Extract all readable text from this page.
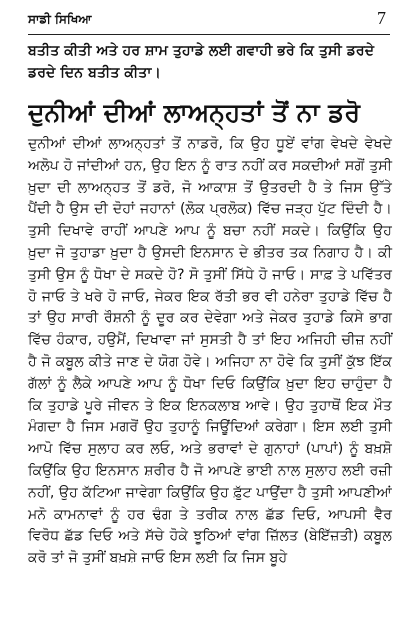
ਸਾਡੀ ਸਿਖਿਆ	7

ਬਤੀਤ ਕੀਤੀ ਅਤੇ ਹਰ ਸ਼ਾਮ ਤੁਹਾਡੇ ਲਈ ਗਵਾਹੀ ਭਰੇ ਕਿ ਤੁਸੀ ਡਰਦੇ ਡਰਦੇ ਦਿਨ ਬਤੀਤ ਕੀਤਾ।

ਦੁਨੀਆਂ ਦੀਆਂ ਲਾਅਨ੍ਹਤਾਂ ਤੋਂ ਨਾ ਡਰੋ

ਦੁਨੀਆਂ ਦੀਆਂ ਲਾਅਨ੍ਹਤਾਂ ਤੋਂ ਨਾਡਰੋ, ਕਿ ਉਹ ਧੂਏਂ ਵਾਂਗ ਵੇਖਦੇ ਵੇਖਦੇ ਅਲੋਪ ਹੋ ਜਾਂਦੀਆਂ ਹਨ, ਉਹ ਇਨ ਨੂੰ ਰਾਤ ਨਹੀਂ ਕਰ ਸਕਦੀਆਂ ਸਗੋਂ ਤੁਸੀ ਖ਼ੁਦਾ ਦੀ ਲਾਅਨ੍ਹਤ ਤੋਂ ਡਰੋ, ਜੋ ਆਕਾਸ਼ ਤੋਂ ਉਤਰਦੀ ਹੈ ਤੇ ਜਿਸ ਉੱਤੇ ਪੈਂਦੀ ਹੈ ਉਸ ਦੀ ਦੋਹਾਂ ਜਹਾਨਾਂ (ਲੋਕ ਪ੍ਰਲੋਕ) ਵਿੱਚ ਜੜ੍ਹ ਪੁੱਟ ਦਿੰਦੀ ਹੈ। ਤੁਸੀ ਦਿਖਾਵੇ ਰਾਹੀਂ ਆਪਣੇ ਆਪ ਨੂੰ ਬਚਾ ਨਹੀਂ ਸਕਦੇ। ਕਿਉਂਕਿ ਉਹ ਖ਼ੁਦਾ ਜੋ ਤੁਹਾਡਾ ਖ਼ੁਦਾ ਹੈ ਉਸਦੀ ਇਨਸਾਨ ਦੇ ਭੀਤਰ ਤਕ ਨਿਗਾਹ ਹੈ। ਕੀ ਤੁਸੀ ਉਸ ਨੂੰ ਧੋਖਾ ਦੇ ਸਕਦੇ ਹੋ? ਸੋ ਤੁਸੀਂ ਸਿੱਧੇ ਹੋ ਜਾਓ। ਸਾਫ਼ ਤੇ ਪਵਿੱਤਰ ਹੋ ਜਾਓ ਤੇ ਖਰੇ ਹੋ ਜਾਓ, ਜੇਕਰ ਇਕ ਰੱਤੀ ਭਰ ਵੀ ਹਨੇਰਾ ਤੁਹਾਡੇ ਵਿੱਚ ਹੈ ਤਾਂ ਉਹ ਸਾਰੀ ਰੌਸ਼ਨੀ ਨੂੰ ਦੂਰ ਕਰ ਦੇਵੇਗਾ ਅਤੇ ਜੇਕਰ ਤੁਹਾਡੇ ਕਿਸੇ ਭਾਗ ਵਿੱਚ ਹੰਕਾਰ, ਹਉਮੈਂ, ਦਿਖਾਵਾ ਜਾਂ ਸੁਸਤੀ ਹੈ ਤਾਂ ਇਹ ਅਜਿਹੀ ਚੀਜ਼ ਨਹੀਂ ਹੈ ਜੋ ਕਬੂਲ ਕੀਤੇ ਜਾਣ ਦੇ ਯੋਗ ਹੋਵੇ। ਅਜਿਹਾ ਨਾ ਹੋਵੇ ਕਿ ਤੁਸੀਂ ਕੁੱਝ ਇੱਕ ਗੱਲਾਂ ਨੂੰ ਲੈਕੇ ਆਪਣੇ ਆਪ ਨੂੰ ਧੋਖਾ ਦਿਓ ਕਿਉਂਕਿ ਖ਼ੁਦਾ ਇਹ ਚਾਹੁੰਦਾ ਹੈ ਕਿ ਤੁਹਾਡੇ ਪੂਰੇ ਜੀਵਨ ਤੇ ਇਕ ਇਨਕਲਾਬ ਆਵੇ। ਉਹ ਤੁਹਾਥੋਂ ਇਕ ਮੌਤ ਮੰਗਦਾ ਹੈ ਜਿਸ ਮਗਰੋਂ ਉਹ ਤੁਹਾਨੂੰ ਜਿਊਂਦਿਆਂ ਕਰੇਗਾ। ਇਸ ਲਈ ਤੁਸੀ ਆਪੋ ਵਿੱਚ ਸੁਲਾਹ ਕਰ ਲਓ, ਅਤੇ ਭਰਾਵਾਂ ਦੇ ਗੁਨਾਹਾਂ (ਪਾਪਾਂ) ਨੂੰ ਬਖ਼ਸ਼ੋ ਕਿਉਂਕਿ ਉਹ ਇਨਸਾਨ ਸ਼ਰੀਰ ਹੈ ਜੋ ਆਪਣੇ ਭਾਈ ਨਾਲ ਸੁਲਾਹ ਲਈ ਰਜ਼ੀ ਨਹੀਂ, ਉਹ ਕੱਟਿਆ ਜਾਵੇਗਾ ਕਿਉਂਕਿ ਉਹ ਫ਼ੁੱਟ ਪਾਉਂਦਾ ਹੈ ਤੁਸੀ ਆਪਣੀਆਂ ਮਨੋ ਕਾਮਨਾਵਾਂ ਨੂੰ ਹਰ ਢੰਗ ਤੇ ਤਰੀਕ ਨਾਲ ਛੱਡ ਦਿਓ, ਆਪਸੀ ਵੈਰ ਵਿਰੋਧ ਛੱਡ ਦਿਓ ਅਤੇ ਸੱਚੇ ਹੋਕੇ ਝੂਠਿਆਂ ਵਾਂਗ ਜ਼ਿੱਲਤ (ਬੇਇੱਜ਼ਤੀ) ਕਬੂਲ ਕਰੋ ਤਾਂ ਜੋ ਤੁਸੀਂ ਬਖ਼ਸ਼ੇ ਜਾਓ ਇਸ ਲਈ ਕਿ ਜਿਸ ਬੂਹੇ
